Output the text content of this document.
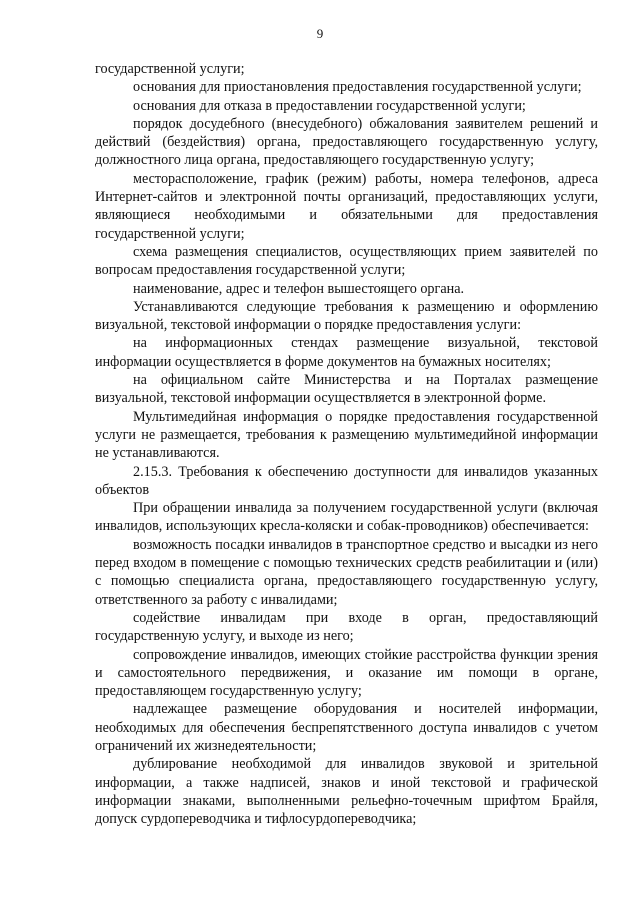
9

государственной услуги;

основания для приостановления предоставления государственной услуги;

основания для отказа в предоставлении государственной услуги;

порядок досудебного (внесудебного) обжалования заявителем решений и действий (бездействия) органа, предоставляющего государственную услугу, должностного лица органа, предоставляющего государственную услугу;

месторасположение, график (режим) работы, номера телефонов, адреса Интернет-сайтов и электронной почты организаций, предоставляющих услуги, являющиеся необходимыми и обязательными для предоставления государственной услуги;

схема размещения специалистов, осуществляющих прием заявителей по вопросам предоставления государственной услуги;

наименование, адрес и телефон вышестоящего органа.

Устанавливаются следующие требования к размещению и оформлению визуальной, текстовой информации о порядке предоставления услуги:

на информационных стендах размещение визуальной, текстовой информации осуществляется в форме документов на бумажных носителях;

на официальном сайте Министерства и на Порталах размещение визуальной, текстовой информации осуществляется в электронной форме.

Мультимедийная информация о порядке предоставления государственной услуги не размещается, требования к размещению мультимедийной информации не устанавливаются.

2.15.3. Требования к обеспечению доступности для инвалидов указанных объектов

При обращении инвалида за получением государственной услуги (включая инвалидов, использующих кресла-коляски и собак-проводников) обеспечивается:

возможность посадки инвалидов в транспортное средство и высадки из него перед входом в помещение с помощью технических средств реабилитации и (или) с помощью специалиста органа, предоставляющего государственную услугу, ответственного за работу с инвалидами;

содействие инвалидам при входе в орган, предоставляющий государственную услугу, и выходе из него;

сопровождение инвалидов, имеющих стойкие расстройства функции зрения и самостоятельного передвижения, и оказание им помощи в органе, предоставляющем государственную услугу;

надлежащее размещение оборудования и носителей информации, необходимых для обеспечения беспрепятственного доступа инвалидов с учетом ограничений их жизнедеятельности;

дублирование необходимой для инвалидов звуковой и зрительной информации, а также надписей, знаков и иной текстовой и графической информации знаками, выполненными рельефно-точечным шрифтом Брайля, допуск сурдопереводчика и тифлосурдопереводчика;
